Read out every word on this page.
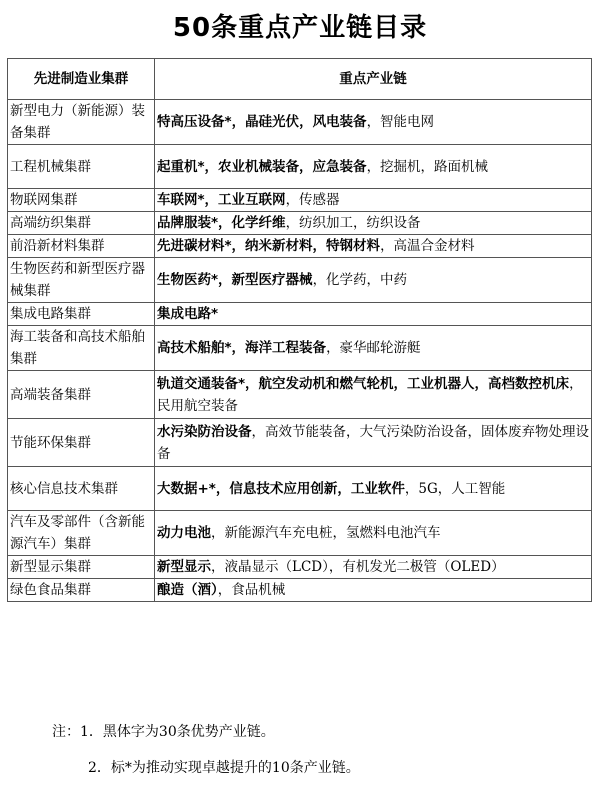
50条重点产业链目录
先进制造业集群	重点产业链
新型电力（新能源）装备集群	特高压设备*，晶硅光伏，风电装备，智能电网
工程机械集群	起重机*，农业机械装备，应急装备，挖掘机，路面机械
物联网集群	车联网*，工业互联网，传感器
高端纺织集群	品牌服装*，化学纤维，纺织加工，纺织设备
前沿新材料集群	先进碳材料*，纳米新材料，特钢材料，高温合金材料
生物医药和新型医疗器械集群	生物医药*，新型医疗器械，化学药，中药
集成电路集群	集成电路*
海工装备和高技术船舶集群	高技术船舶*，海洋工程装备，豪华邮轮游艇
高端装备集群	轨道交通装备*，航空发动机和燃气轮机，工业机器人，高档数控机床，民用航空装备
节能环保集群	水污染防治设备，高效节能装备，大气污染防治设备，固体废弃物处理设备
核心信息技术集群	大数据+*，信息技术应用创新，工业软件，5G，人工智能
汽车及零部件（含新能源汽车）集群	动力电池，新能源汽车充电桩，氢燃料电池汽车
新型显示集群	新型显示，液晶显示（LCD），有机发光二极管（OLED）
绿色食品集群	酿造（酒），食品机械
注：1．黑体字为30条优势产业链。
2．标*为推动实现卓越提升的10条产业链。
